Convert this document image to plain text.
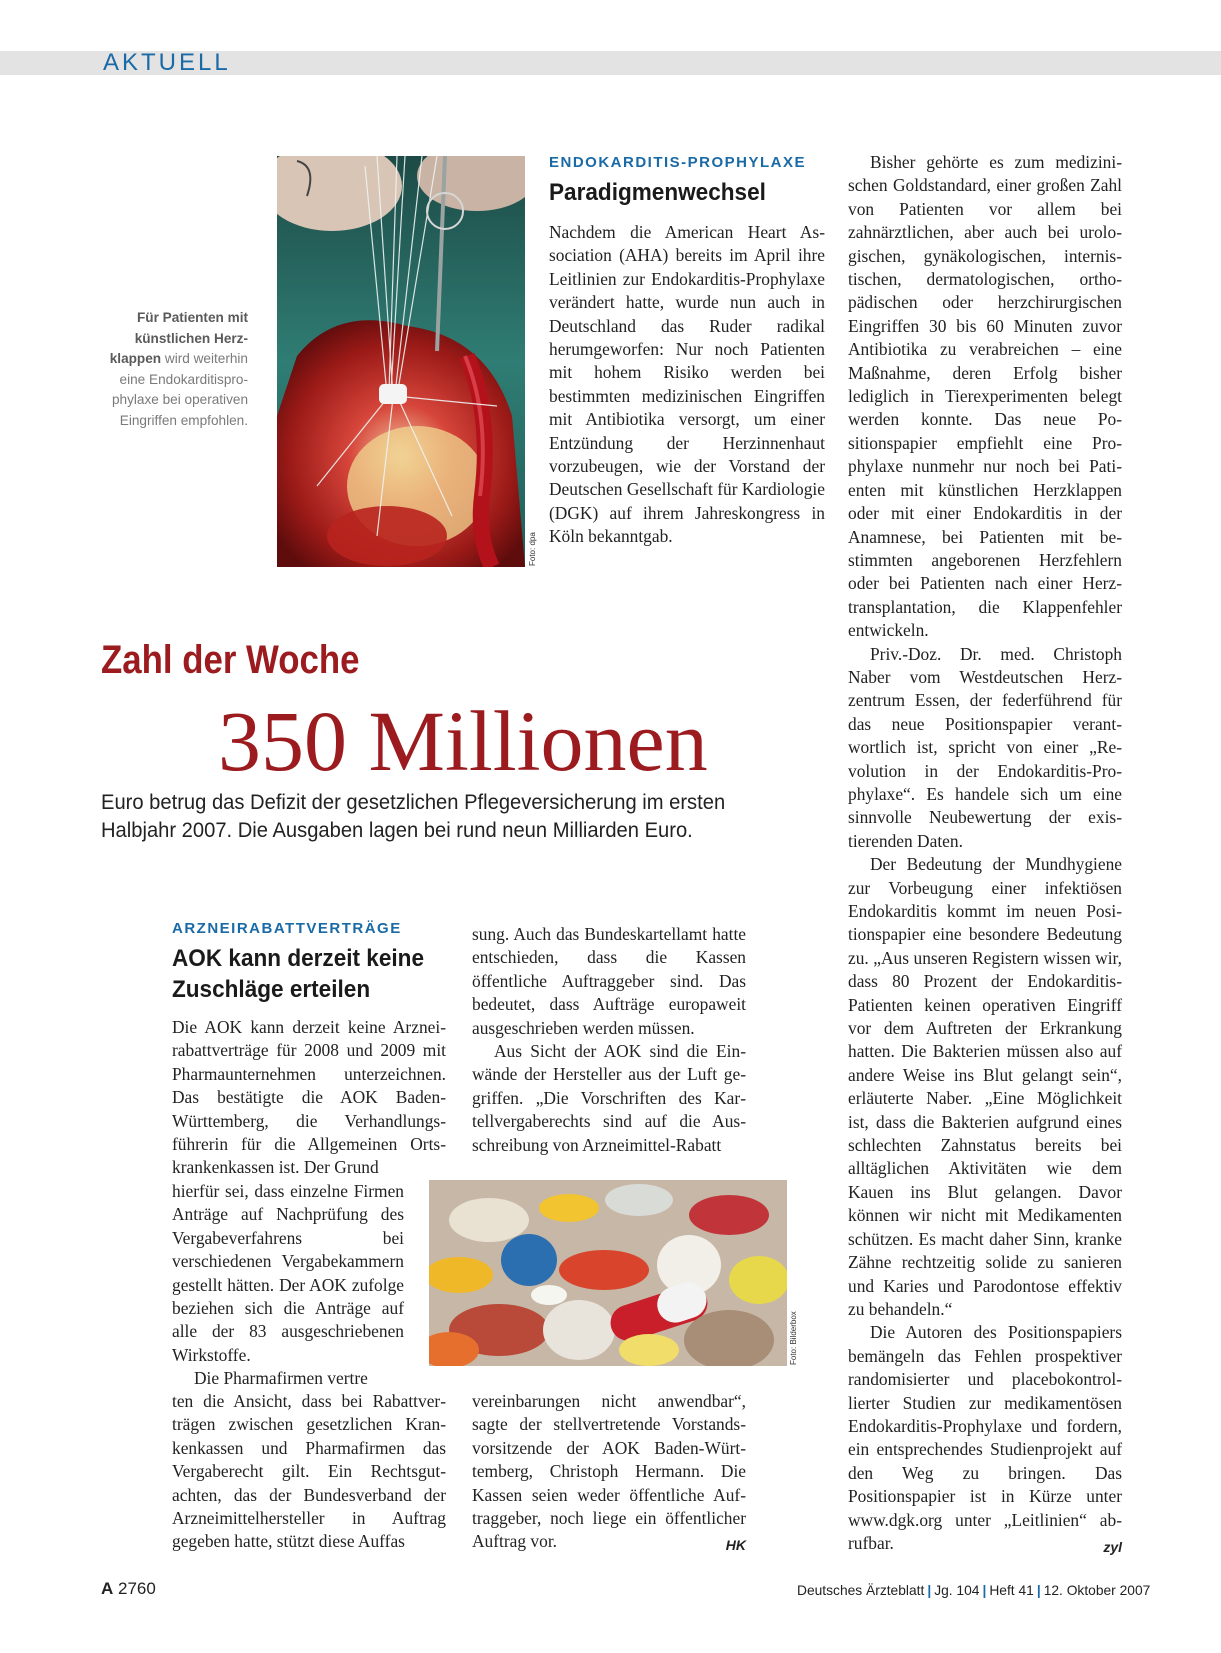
AKTUELL
Foto: dpa
Für Patienten mit künstlichen Herzklappen wird weiterhin eine Endokarditisprophylaxe bei operativen Eingriffen empfohlen.
ENDOKARDITIS-PROPHYLAXE
Paradigmenwechsel

Nachdem die American Heart Association (AHA) bereits im April ihre Leitlinien zur Endokarditis-Prophylaxe verändert hatte, wurde nun auch in Deutschland das Ruder radikal herumgeworfen: Nur noch Patienten mit hohem Risiko werden bei bestimmten medizinischen Eingriffen mit Antibiotika versorgt, um einer Entzündung der Herzinnenhaut vorzubeugen, wie der Vorstand der Deutschen Gesellschaft für Kardiologie (DGK) auf ihrem Jahreskongress in Köln bekanntgab.

Bisher gehörte es zum medizinischen Goldstandard, einer großen Zahl von Patienten vor allem bei zahnärztlichen, aber auch bei urologischen, gynäkologischen, internistischen, dermatologischen, orthopädischen oder herzchirurgischen Eingriffen 30 bis 60 Minuten zuvor Antibiotika zu verabreichen – eine Maßnahme, deren Erfolg bisher lediglich in Tierexperimenten belegt werden konnte. Das neue Positionspapier empfiehlt eine Prophylaxe nunmehr nur noch bei Patienten mit künstlichen Herzklappen oder mit einer Endokarditis in der Anamnese, bei Patienten mit bestimmten angeborenen Herzfehlern oder bei Patienten nach einer Herztransplantation, die Klappenfehler entwickeln.

Priv.-Doz. Dr. med. Christoph Naber vom Westdeutschen Herzzentrum Essen, der federführend für das neue Positionspapier verantwortlich ist, spricht von einer „Revolution in der Endokarditis-Prophylaxe“. Es handele sich um eine sinnvolle Neubewertung der existierenden Daten.

Der Bedeutung der Mundhygiene zur Vorbeugung einer infektiösen Endokarditis kommt im neuen Positionspapier eine besondere Bedeutung zu. „Aus unseren Registern wissen wir, dass 80 Prozent der Endokarditis-Patienten keinen operativen Eingriff vor dem Auftreten der Erkrankung hatten. Die Bakterien müssen also auf andere Weise ins Blut gelangt sein“, erläuterte Naber. „Eine Möglichkeit ist, dass die Bakterien aufgrund eines schlechten Zahnstatus bereits bei alltäglichen Aktivitäten wie dem Kauen ins Blut gelangen. Davor können wir nicht mit Medikamenten schützen. Es macht daher Sinn, kranke Zähne rechtzeitig solide zu sanieren und Karies und Parodontose effektiv zu behandeln.“

Die Autoren des Positionspapiers bemängeln das Fehlen prospektiver randomisierter und placebokontrollierter Studien zur medikamentösen Endokarditis-Prophylaxe und fordern, ein entsprechendes Studienprojekt auf den Weg zu bringen. Das Positionspapier ist in Kürze unter www.dgk.org unter „Leitlinien“ abrufbar.	zyl

Zahl der Woche
350 Millionen
Euro betrug das Defizit der gesetzlichen Pflegeversicherung im ersten Halbjahr 2007. Die Ausgaben lagen bei rund neun Milliarden Euro.
ARZNEIRABATTVERTRÄGE
AOK kann derzeit keine Zuschläge erteilen

Die AOK kann derzeit keine Arzneirabattverträge für 2008 und 2009 mit Pharmaunternehmen unterzeichnen. Das bestätigte die AOK Baden-Württemberg, die Verhandlungsführerin für die Allgemeinen Ortskrankenkassen ist. Der Grund

hierfür sei, dass einzelne Firmen Anträge auf Nachprüfung des Vergabeverfahrens bei verschiedenen Vergabekammern gestellt hätten. Der AOK zufolge beziehen sich die Anträge auf alle der 83 ausgeschriebenen Wirkstoffe.

Die Pharmafirmen vertre

ten die Ansicht, dass bei Rabattverträgen zwischen gesetzlichen Krankenkassen und Pharmafirmen das Vergaberecht gilt. Ein Rechtsgutachten, das der Bundesverband der Arzneimittelhersteller in Auftrag gegeben hatte, stützt diese Auffas

sung. Auch das Bundeskartellamt hatte entschieden, dass die Kassen öffentliche Auftraggeber sind. Das bedeutet, dass Aufträge europaweit ausgeschrieben werden müssen.

Aus Sicht der AOK sind die Einwände der Hersteller aus der Luft gegriffen. „Die Vorschriften des Kartellvergaberechts sind auf die Ausschreibung von Arzneimittel-Rabatt

Foto: Bilderbox

vereinbarungen nicht anwendbar“, sagte der stellvertretende Vorstandsvorsitzende der AOK Baden-Württemberg, Christoph Hermann. Die Kassen seien weder öffentliche Auftraggeber, noch liege ein öffentlicher Auftrag vor.	HK

A 2760	Deutsches Ärzteblatt | Jg. 104 | Heft 41 | 12. Oktober 2007
